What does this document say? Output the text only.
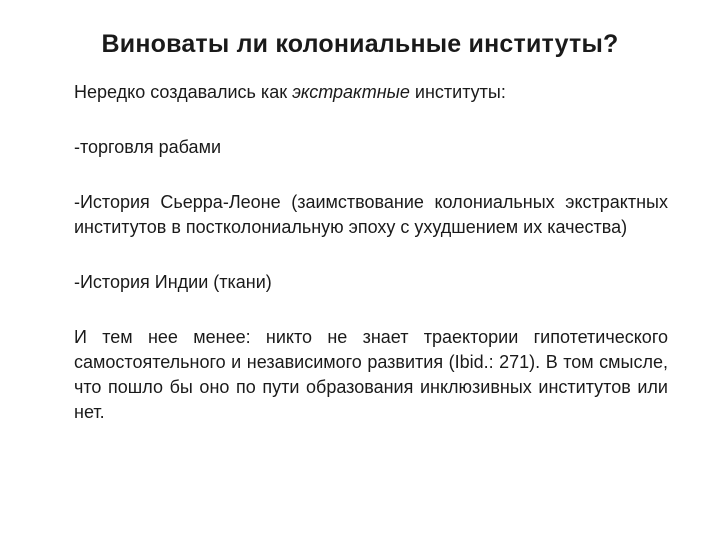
Виноваты ли колониальные институты?

Нередко создавались как экстрактные институты:

-торговля рабами

-История Сьерра-Леоне (заимствование колониальных экстрактных институтов в постколониальную эпоху с ухудшением их качества)

-История Индии (ткани)

И тем нее менее: никто не знает траектории гипотетического самостоятельного и независимого развития (Ibid.: 271). В том смысле, что пошло бы оно по пути образования инклюзивных институтов или нет.
